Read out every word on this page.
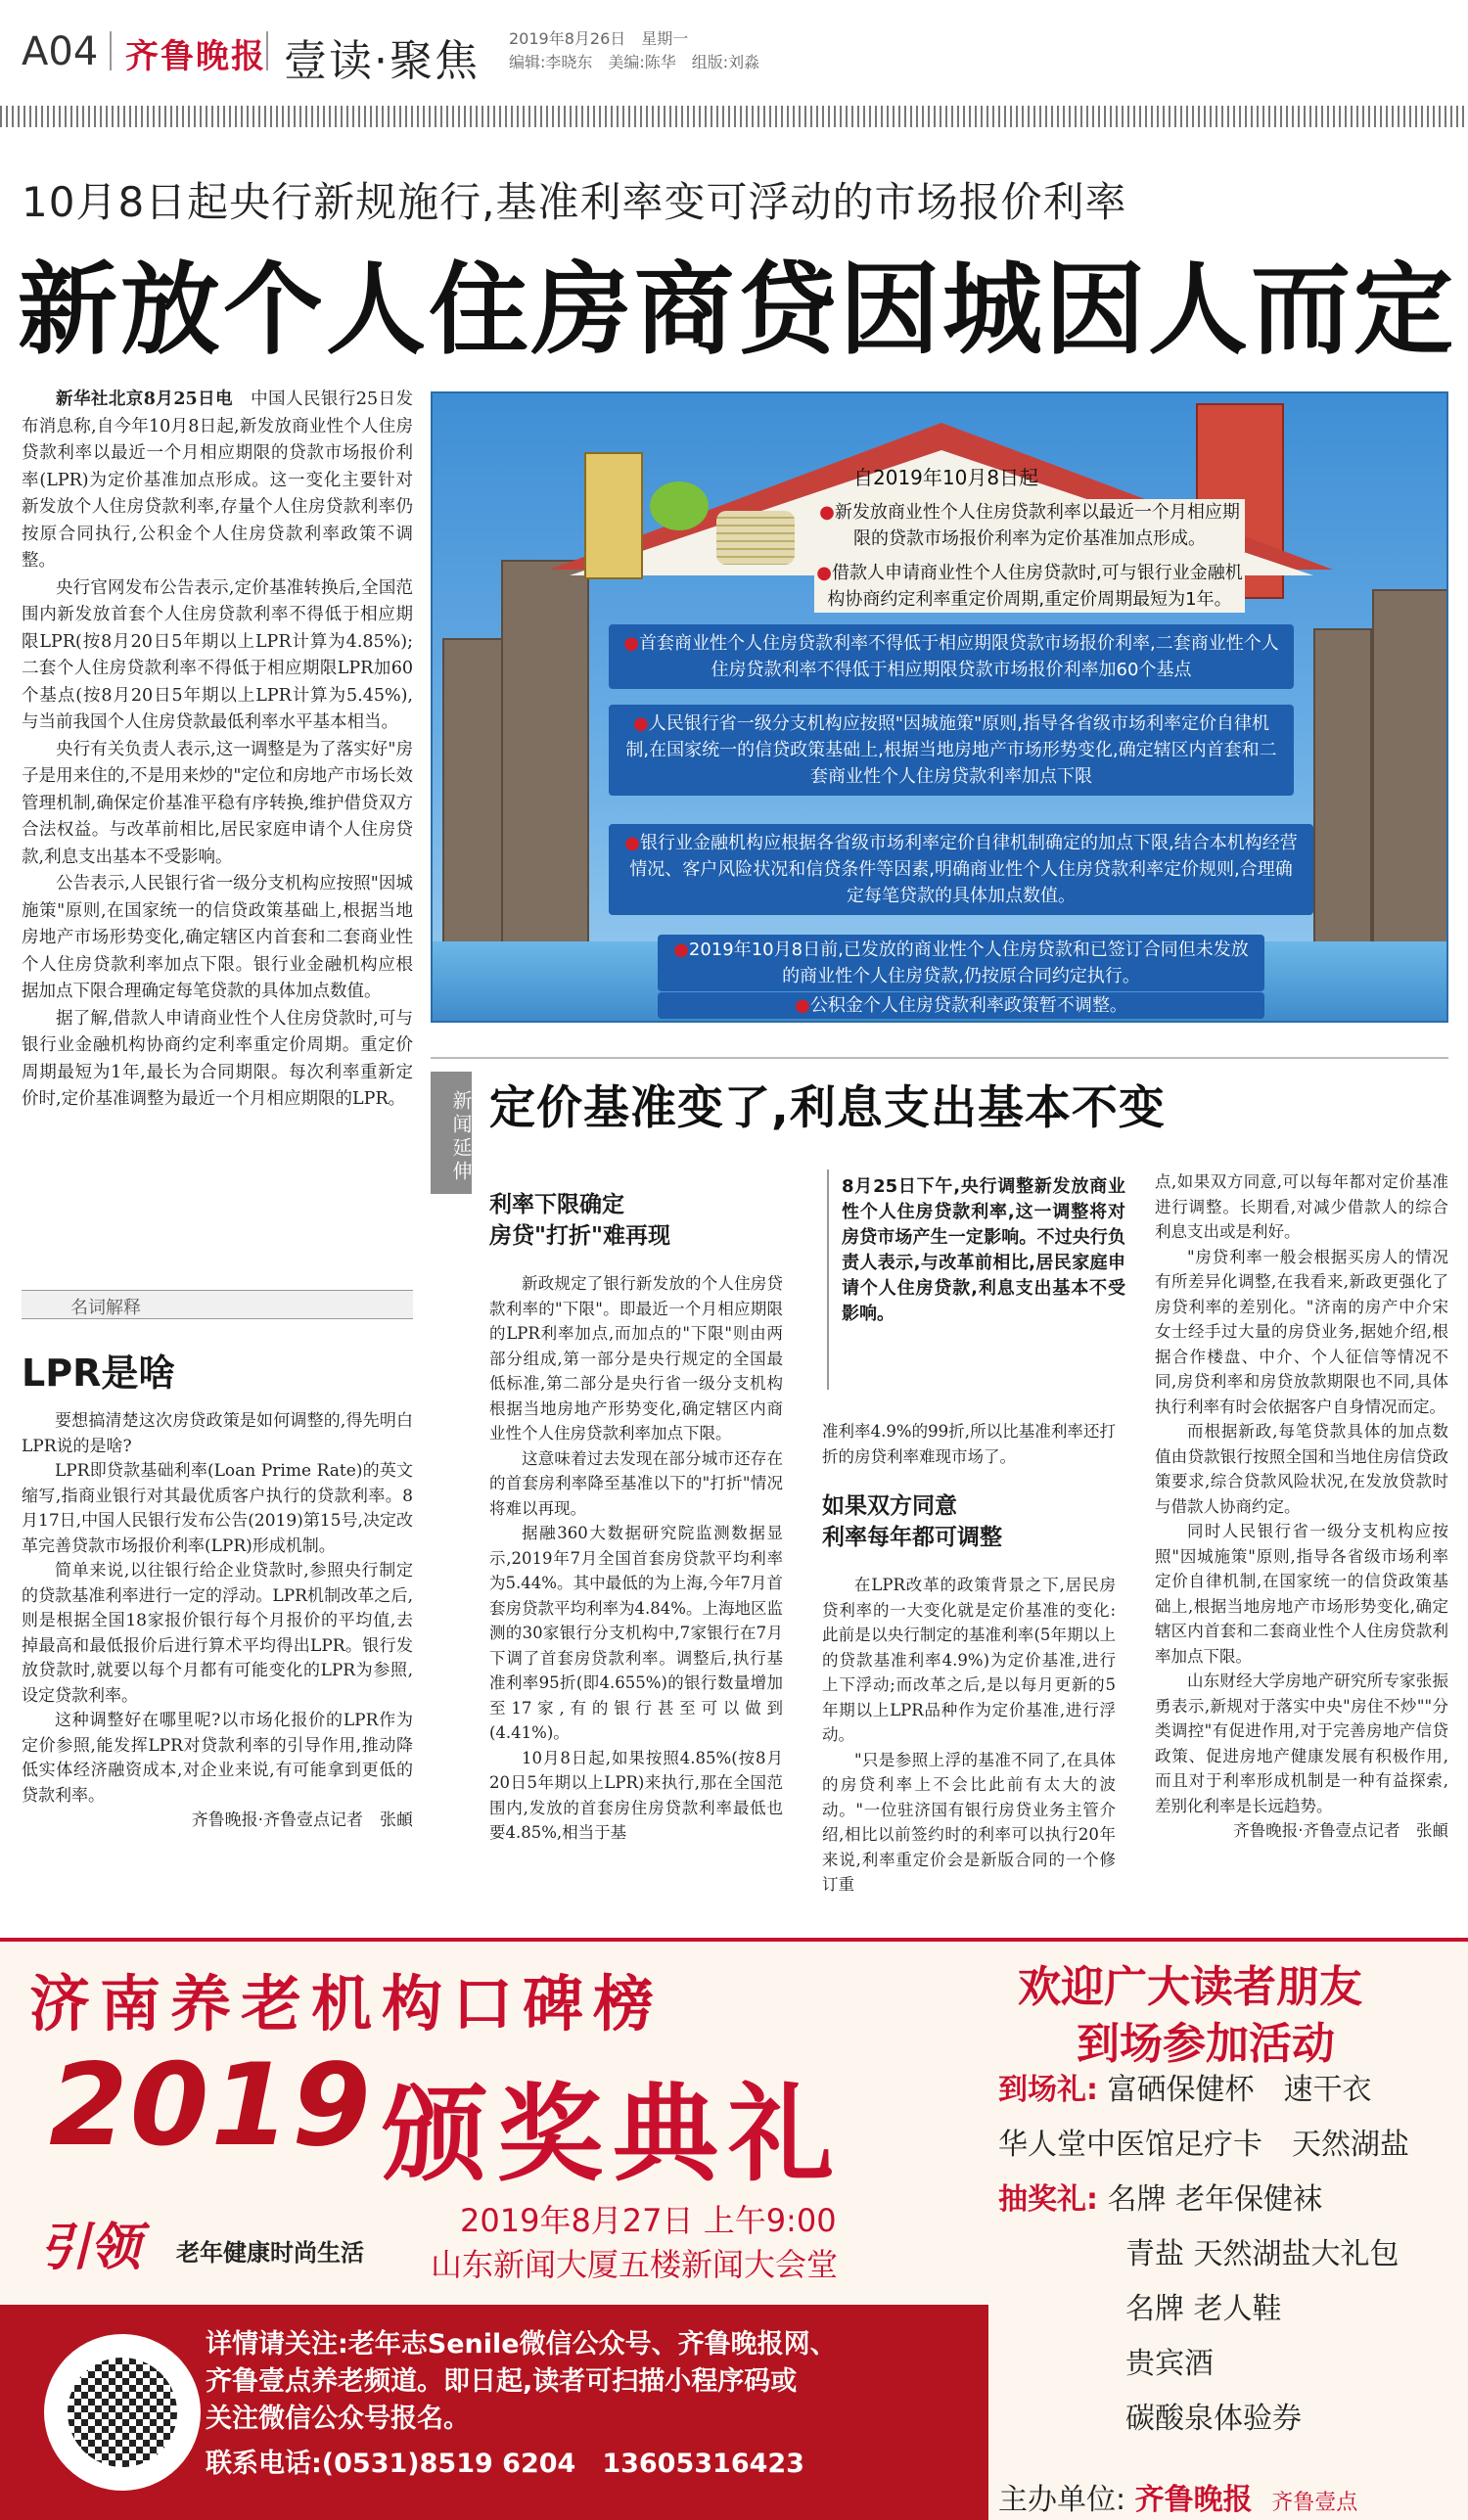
A04 齐鲁晚报 壹读·聚焦 2019年8月26日　星期一
编辑:李晓东　美编:陈华　组版:刘淼
10月8日起央行新规施行,基准利率变可浮动的市场报价利率
新放个人住房商贷因城因人而定

新华社北京8月25日电　 中国人民银行25日发布消息称,自今年10月8日起,新发放商业性个人住房贷款利率以最近一个月相应期限的贷款市场报价利率(LPR)为定价基准加点形成。这一变化主要针对新发放个人住房贷款利率,存量个人住房贷款利率仍按原合同执行,公积金个人住房贷款利率政策不调整。

央行官网发布公告表示,定价基准转换后,全国范围内新发放首套个人住房贷款利率不得低于相应期限LPR(按8月20日5年期以上LPR计算为4.85%);二套个人住房贷款利率不得低于相应期限LPR加60个基点(按8月20日5年期以上LPR计算为5.45%),与当前我国个人住房贷款最低利率水平基本相当。

央行有关负责人表示,这一调整是为了落实好"房子是用来住的,不是用来炒的"定位和房地产市场长效管理机制,确保定价基准平稳有序转换,维护借贷双方合法权益。与改革前相比,居民家庭申请个人住房贷款,利息支出基本不受影响。

公告表示,人民银行省一级分支机构应按照"因城施策"原则,在国家统一的信贷政策基础上,根据当地房地产市场形势变化,确定辖区内首套和二套商业性个人住房贷款利率加点下限。银行业金融机构应根据加点下限合理确定每笔贷款的具体加点数值。

据了解,借款人申请商业性个人住房贷款时,可与银行业金融机构协商约定利率重定价周期。重定价周期最短为1年,最长为合同期限。每次利率重新定价时,定价基准调整为最近一个月相应期限的LPR。

名词解释
LPR是啥

要想搞清楚这次房贷政策是如何调整的,得先明白LPR说的是啥?

LPR即贷款基础利率(Loan Prime Rate)的英文缩写,指商业银行对其最优质客户执行的贷款利率。8月17日,中国人民银行发布公告(2019)第15号,决定改革完善贷款市场报价利率(LPR)形成机制。

简单来说,以往银行给企业贷款时,参照央行制定的贷款基准利率进行一定的浮动。LPR机制改革之后,则是根据全国18家报价银行每个月报价的平均值,去掉最高和最低报价后进行算术平均得出LPR。银行发放贷款时,就要以每个月都有可能变化的LPR为参照,设定贷款利率。

这种调整好在哪里呢?以市场化报价的LPR作为定价参照,能发挥LPR对贷款利率的引导作用,推动降低实体经济融资成本,对企业来说,有可能拿到更低的贷款利率。

齐鲁晚报·齐鲁壹点记者　张頔

自2019年10月8日起
●新发放商业性个人住房贷款利率以最近一个月相应期限的贷款市场报价利率为定价基准加点形成。
●借款人申请商业性个人住房贷款时,可与银行业金融机构协商约定利率重定价周期,重定价周期最短为1年。
●首套商业性个人住房贷款利率不得低于相应期限贷款市场报价利率,二套商业性个人住房贷款利率不得低于相应期限贷款市场报价利率加60个基点
●人民银行省一级分支机构应按照"因城施策"原则,指导各省级市场利率定价自律机制,在国家统一的信贷政策基础上,根据当地房地产市场形势变化,确定辖区内首套和二套商业性个人住房贷款利率加点下限
●银行业金融机构应根据各省级市场利率定价自律机制确定的加点下限,结合本机构经营情况、客户风险状况和信贷条件等因素,明确商业性个人住房贷款利率定价规则,合理确定每笔贷款的具体加点数值。
●2019年10月8日前,已发放的商业性个人住房贷款和已签订合同但未发放的商业性个人住房贷款,仍按原合同约定执行。
●公积金个人住房贷款利率政策暂不调整。
新闻延伸 定价基准变了,利息支出基本不变
利率下限确定
房贷"打折"难再现

新政规定了银行新发放的个人住房贷款利率的"下限"。即最近一个月相应期限的LPR利率加点,而加点的"下限"则由两部分组成,第一部分是央行规定的全国最低标准,第二部分是央行省一级分支机构根据当地房地产形势变化,确定辖区内商业性个人住房贷款利率加点下限。

这意味着过去发现在部分城市还存在的首套房利率降至基准以下的"打折"情况将难以再现。

据融360大数据研究院监测数据显示,2019年7月全国首套房贷款平均利率为5.44%。其中最低的为上海,今年7月首套房贷款平均利率为4.84%。上海地区监测的30家银行分支机构中,7家银行在7月下调了首套房贷款利率。调整后,执行基准利率95折(即4.655%)的银行数量增加至17家,有的银行甚至可以做到(4.41%)。

10月8日起,如果按照4.85%(按8月20日5年期以上LPR)来执行,那在全国范围内,发放的首套房住房贷款利率最低也要4.85%,相当于基

8月25日下午,央行调整新发放商业性个人住房贷款利率,这一调整将对房贷市场产生一定影响。不过央行负责人表示,与改革前相比,居民家庭申请个人住房贷款,利息支出基本不受影响。

准利率4.9%的99折,所以比基准利率还打折的房贷利率难现市场了。

如果双方同意
利率每年都可调整

在LPR改革的政策背景之下,居民房贷利率的一大变化就是定价基准的变化:此前是以央行制定的基准利率(5年期以上的贷款基准利率4.9%)为定价基准,进行上下浮动;而改革之后,是以每月更新的5年期以上LPR品种作为定价基准,进行浮动。

"只是参照上浮的基准不同了,在具体的房贷利率上不会比此前有太大的波动。"一位驻济国有银行房贷业务主管介绍,相比以前签约时的利率可以执行20年来说,利率重定价会是新版合同的一个修订重

点,如果双方同意,可以每年都对定价基准进行调整。长期看,对减少借款人的综合利息支出或是利好。

"房贷利率一般会根据买房人的情况有所差异化调整,在我看来,新政更强化了房贷利率的差别化。"济南的房产中介宋女士经手过大量的房贷业务,据她介绍,根据合作楼盘、中介、个人征信等情况不同,房贷利率和房贷放款期限也不同,具体执行利率有时会依据客户自身情况而定。

而根据新政,每笔贷款具体的加点数值由贷款银行按照全国和当地住房信贷政策要求,综合贷款风险状况,在发放贷款时与借款人协商约定。

同时人民银行省一级分支机构应按照"因城施策"原则,指导各省级市场利率定价自律机制,在国家统一的信贷政策基础上,根据当地房地产市场形势变化,确定辖区内首套和二套商业性个人住房贷款利率加点下限。

山东财经大学房地产研究所专家张振勇表示,新规对于落实中央"房住不炒""分类调控"有促进作用,对于完善房地产信贷政策、促进房地产健康发展有积极作用,而且对于利率形成机制是一种有益探索,差别化利率是长远趋势。

齐鲁晚报·齐鲁壹点记者　张頔

济南养老机构口碑榜
2019 颁奖典礼
引领 老年健康时尚生活
2019年8月27日 上午9:00
山东新闻大厦五楼新闻大会堂
欢迎广大读者朋友
到场参加活动
到场礼: 富硒保健杯　速干衣
华人堂中医馆足疗卡　天然湖盐
抽奖礼: 名牌 老年保健袜
青盐 天然湖盐大礼包
名牌 老人鞋
贵宾酒
碳酸泉体验券
主办单位: 齐鲁晚报 齐鲁壹点
详情请关注:老年志Senile微信公众号、齐鲁晚报网、
齐鲁壹点养老频道。即日起,读者可扫描小程序码或
关注微信公众号报名。
联系电话:(0531)8519 6204　13605316423
